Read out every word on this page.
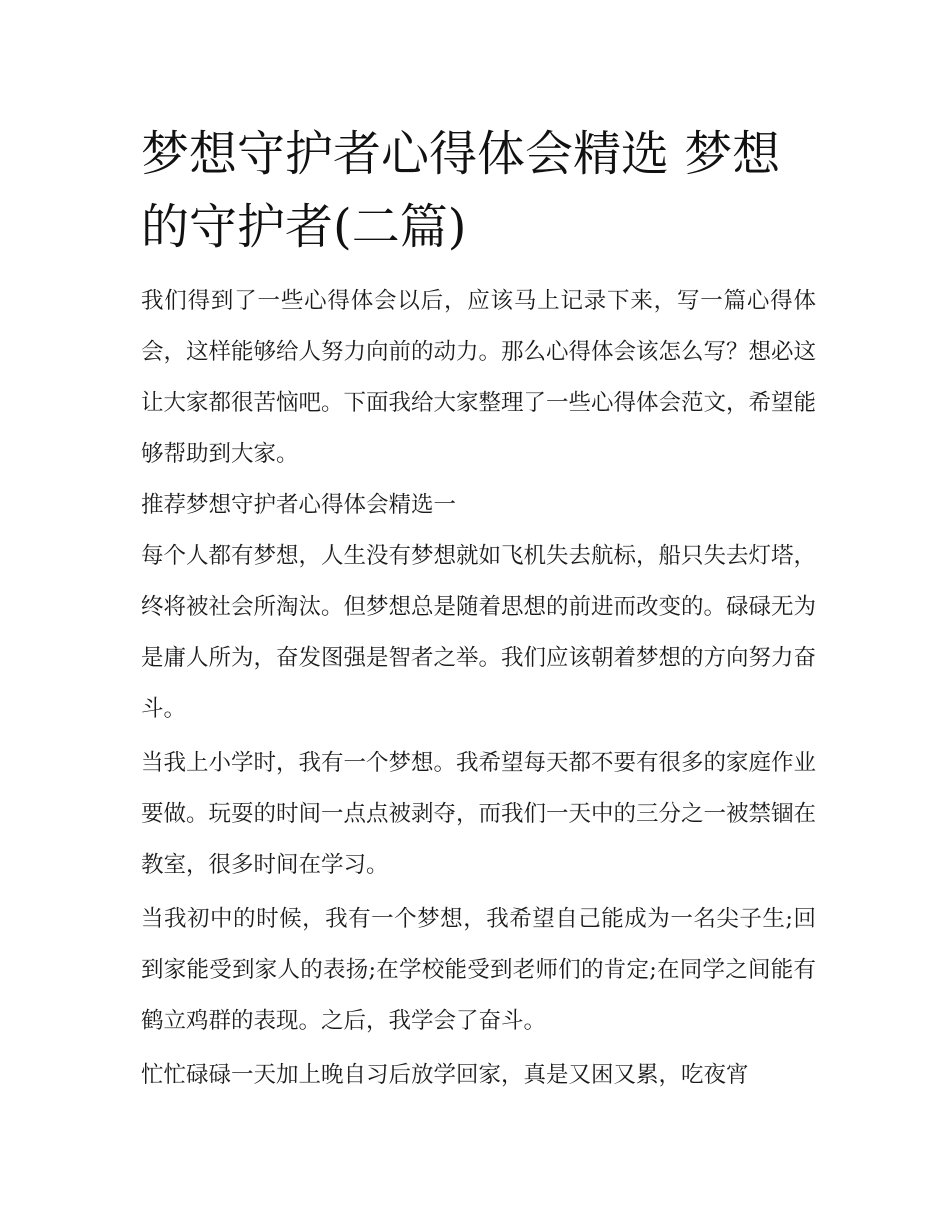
梦想守护者心得体会精选 梦想的守护者(二篇)

我们得到了一些心得体会以后，应该马上记录下来，写一篇心得体会，这样能够给人努力向前的动力。那么心得体会该怎么写？想必这让大家都很苦恼吧。下面我给大家整理了一些心得体会范文，希望能够帮助到大家。

推荐梦想守护者心得体会精选一

每个人都有梦想，人生没有梦想就如飞机失去航标，船只失去灯塔，终将被社会所淘汰。但梦想总是随着思想的前进而改变的。碌碌无为是庸人所为，奋发图强是智者之举。我们应该朝着梦想的方向努力奋斗。

当我上小学时，我有一个梦想。我希望每天都不要有很多的家庭作业要做。玩耍的时间一点点被剥夺，而我们一天中的三分之一被禁锢在教室，很多时间在学习。

当我初中的时候，我有一个梦想，我希望自己能成为一名尖子生;回到家能受到家人的表扬;在学校能受到老师们的肯定;在同学之间能有鹤立鸡群的表现。之后，我学会了奋斗。

忙忙碌碌一天加上晚自习后放学回家，真是又困又累，吃夜宵
